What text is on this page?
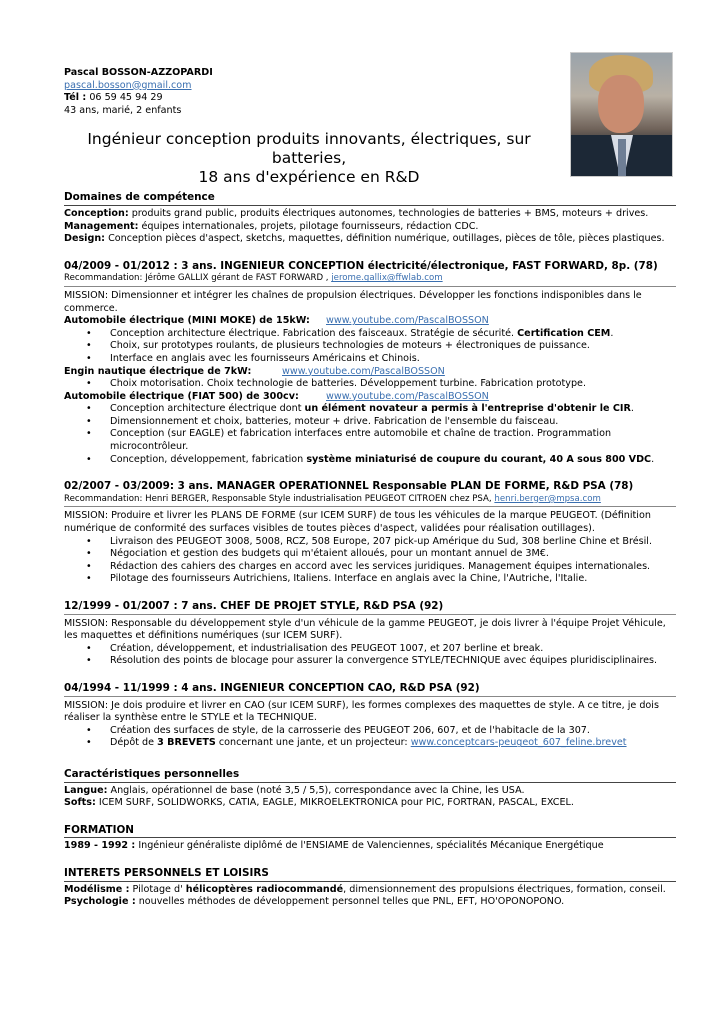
Pascal BOSSON-AZZOPARDI
pascal.bosson@gmail.com
Tél : 06 59 45 94 29
43 ans, marié, 2 enfants
Ingénieur conception produits innovants, électriques, sur batteries,
18 ans d'expérience en R&D
Domaines de compétence

Conception: produits grand public, produits électriques autonomes, technologies de batteries + BMS, moteurs + drives.

Management: équipes internationales, projets, pilotage fournisseurs, rédaction CDC.

Design: Conception pièces d'aspect, sketchs, maquettes, définition numérique, outillages, pièces de tôle, pièces plastiques.

04/2009 - 01/2012 : 3 ans. INGENIEUR CONCEPTION électricité/électronique, FAST FORWARD, 8p. (78)
Recommandation: Jérôme GALLIX gérant de FAST FORWARD , jerome.gallix@ffwlab.com
MISSION: Dimensionner et intégrer les chaînes de propulsion électriques. Développer les fonctions indisponibles dans le commerce.
Automobile électrique (MINI MOKE) de 15kW:	www.youtube.com/PascalBOSSON
• Conception architecture électrique. Fabrication des faisceaux. Stratégie de sécurité. Certification CEM.
• Choix, sur prototypes roulants, de plusieurs technologies de moteurs + électroniques de puissance.
• Interface en anglais avec les fournisseurs Américains et Chinois.
Engin nautique électrique de 7kW:	www.youtube.com/PascalBOSSON
• Choix motorisation. Choix technologie de batteries. Développement turbine. Fabrication prototype.
Automobile électrique (FIAT 500) de 300cv:	www.youtube.com/PascalBOSSON
• Conception architecture électrique dont un élément novateur a permis à l'entreprise d'obtenir le CIR.
• Dimensionnement et choix, batteries, moteur + drive. Fabrication de l'ensemble du faisceau.
• Conception (sur EAGLE) et fabrication interfaces entre automobile et chaîne de traction. Programmation microcontrôleur.
• Conception, développement, fabrication système miniaturisé de coupure du courant, 40 A sous 800 VDC.
02/2007 - 03/2009: 3 ans. MANAGER OPERATIONNEL Responsable PLAN DE FORME, R&D PSA (78)
Recommandation: Henri BERGER, Responsable Style industrialisation PEUGEOT CITROEN chez PSA, henri.berger@mpsa.com
MISSION: Produire et livrer les PLANS DE FORME (sur ICEM SURF) de tous les véhicules de la marque PEUGEOT. (Définition numérique de conformité des surfaces visibles de toutes pièces d'aspect, validées pour réalisation outillages).
• Livraison des PEUGEOT 3008, 5008, RCZ, 508 Europe, 207 pick-up Amérique du Sud, 308 berline Chine et Brésil.
• Négociation et gestion des budgets qui m'étaient alloués, pour un montant annuel de 3M€.
• Rédaction des cahiers des charges en accord avec les services juridiques. Management équipes internationales.
• Pilotage des fournisseurs Autrichiens, Italiens. Interface en anglais avec la Chine, l'Autriche, l'Italie.
12/1999 - 01/2007 : 7 ans. CHEF DE PROJET STYLE, R&D PSA (92)
MISSION: Responsable du développement style d'un véhicule de la gamme PEUGEOT, je dois livrer à l'équipe Projet Véhicule, les maquettes et définitions numériques (sur ICEM SURF).
• Création, développement, et industrialisation des PEUGEOT 1007, et 207 berline et break.
• Résolution des points de blocage pour assurer la convergence STYLE/TECHNIQUE avec équipes pluridisciplinaires.
04/1994 - 11/1999 : 4 ans. INGENIEUR CONCEPTION CAO, R&D PSA (92)
MISSION: Je dois produire et livrer en CAO (sur ICEM SURF), les formes complexes des maquettes de style. A ce titre, je dois réaliser la synthèse entre le STYLE et la TECHNIQUE.
• Création des surfaces de style, de la carrosserie des PEUGEOT 206, 607, et de l'habitacle de la 307.
• Dépôt de 3 BREVETS concernant une jante, et un projecteur: www.conceptcars-peugeot_607_feline.brevet
Caractéristiques personnelles

Langue: Anglais, opérationnel de base (noté 3,5 / 5,5), correspondance avec la Chine, les USA.

Softs: ICEM SURF, SOLIDWORKS, CATIA, EAGLE, MIKROELEKTRONICA pour PIC, FORTRAN, PASCAL, EXCEL.

FORMATION

1989 - 1992 : Ingénieur généraliste diplômé de l'ENSIAME de Valenciennes, spécialités Mécanique Energétique

INTERETS PERSONNELS ET LOISIRS

Modélisme : Pilotage d' hélicoptères radiocommandé, dimensionnement des propulsions électriques, formation, conseil.

Psychologie : nouvelles méthodes de développement personnel telles que PNL, EFT, HO'OPONOPONO.
